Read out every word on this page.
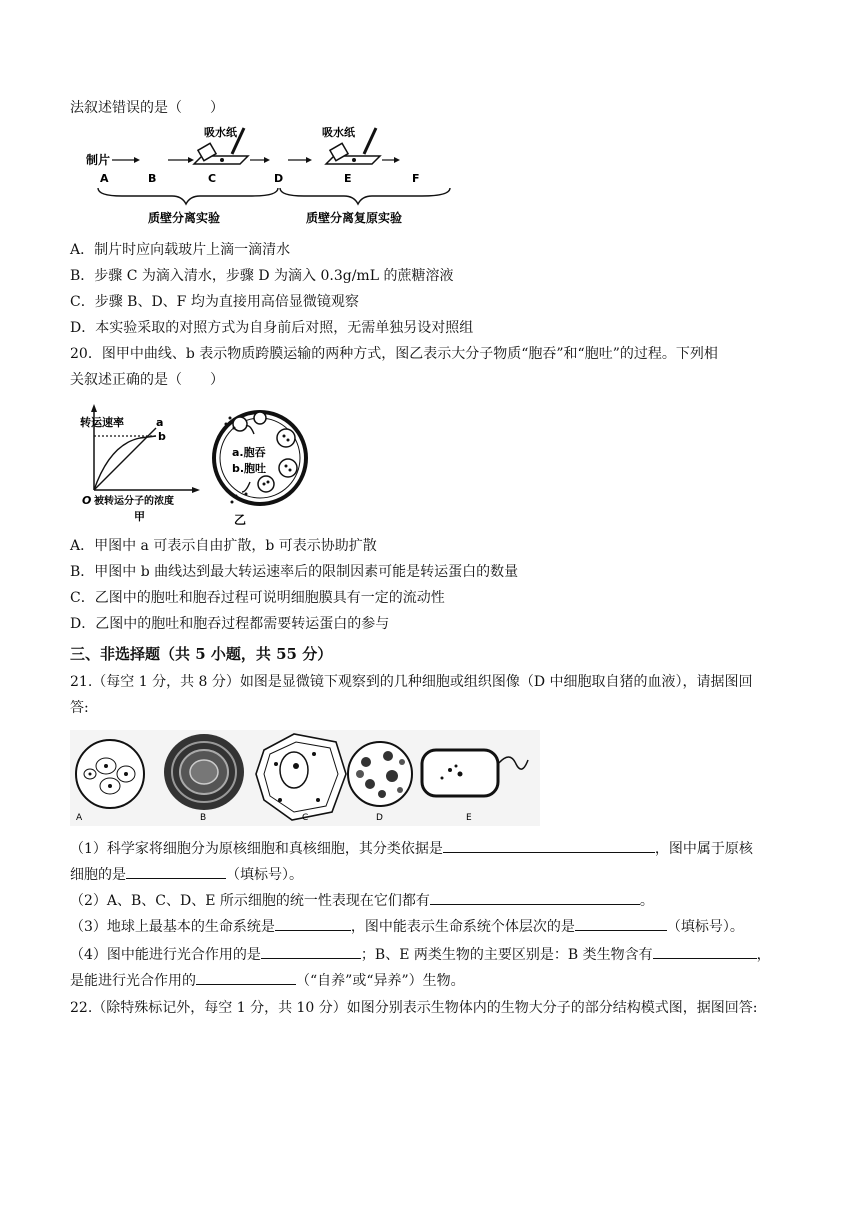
法叙述错误的是（　　）
制片
吸水纸	吸水纸
A	B	C	D	E	F
质壁分离实验	质壁分离复原实验
A．制片时应向载玻片上滴一滴清水
B．步骤 C 为滴入清水，步骤 D 为滴入 0.3g/mL 的蔗糖溶液
C．步骤 B、D、F 均为直接用高倍显微镜观察
D．本实验采取的对照方式为自身前后对照，无需单独另设对照组
20．图甲中曲线、b 表示物质跨膜运输的两种方式，图乙表示大分子物质“胞吞”和“胞吐”的过程。下列相
关叙述正确的是（　　）
转运速率
O
a
b
被转运分子的浓度
甲
a.胞吞
b.胞吐
乙
A．甲图中 a 可表示自由扩散，b 可表示协助扩散
B．甲图中 b 曲线达到最大转运速率后的限制因素可能是转运蛋白的数量
C．乙图中的胞吐和胞吞过程可说明细胞膜具有一定的流动性
D．乙图中的胞吐和胞吞过程都需要转运蛋白的参与
三、非选择题（共 5 小题，共 55 分）
21.（每空 1 分，共 8 分）如图是显微镜下观察到的几种细胞或组织图像（D 中细胞取自猪的血液），请据图回
答:
A	B	C	D	E
（1）科学家将细胞分为原核细胞和真核细胞，其分类依据是	，图中属于原核
细胞的是	（填标号）。
（2）A、B、C、D、E 所示细胞的统一性表现在它们都有	。
（3）地球上最基本的生命系统是	，图中能表示生命系统个体层次的是	（填标号）。
（4）图中能进行光合作用的是	；B、E 两类生物的主要区别是：B 类生物含有	，
是能进行光合作用的	（“自养”或“异养”）生物。
22.（除特殊标记外，每空 1 分，共 10 分）如图分别表示生物体内的生物大分子的部分结构模式图，据图回答:
